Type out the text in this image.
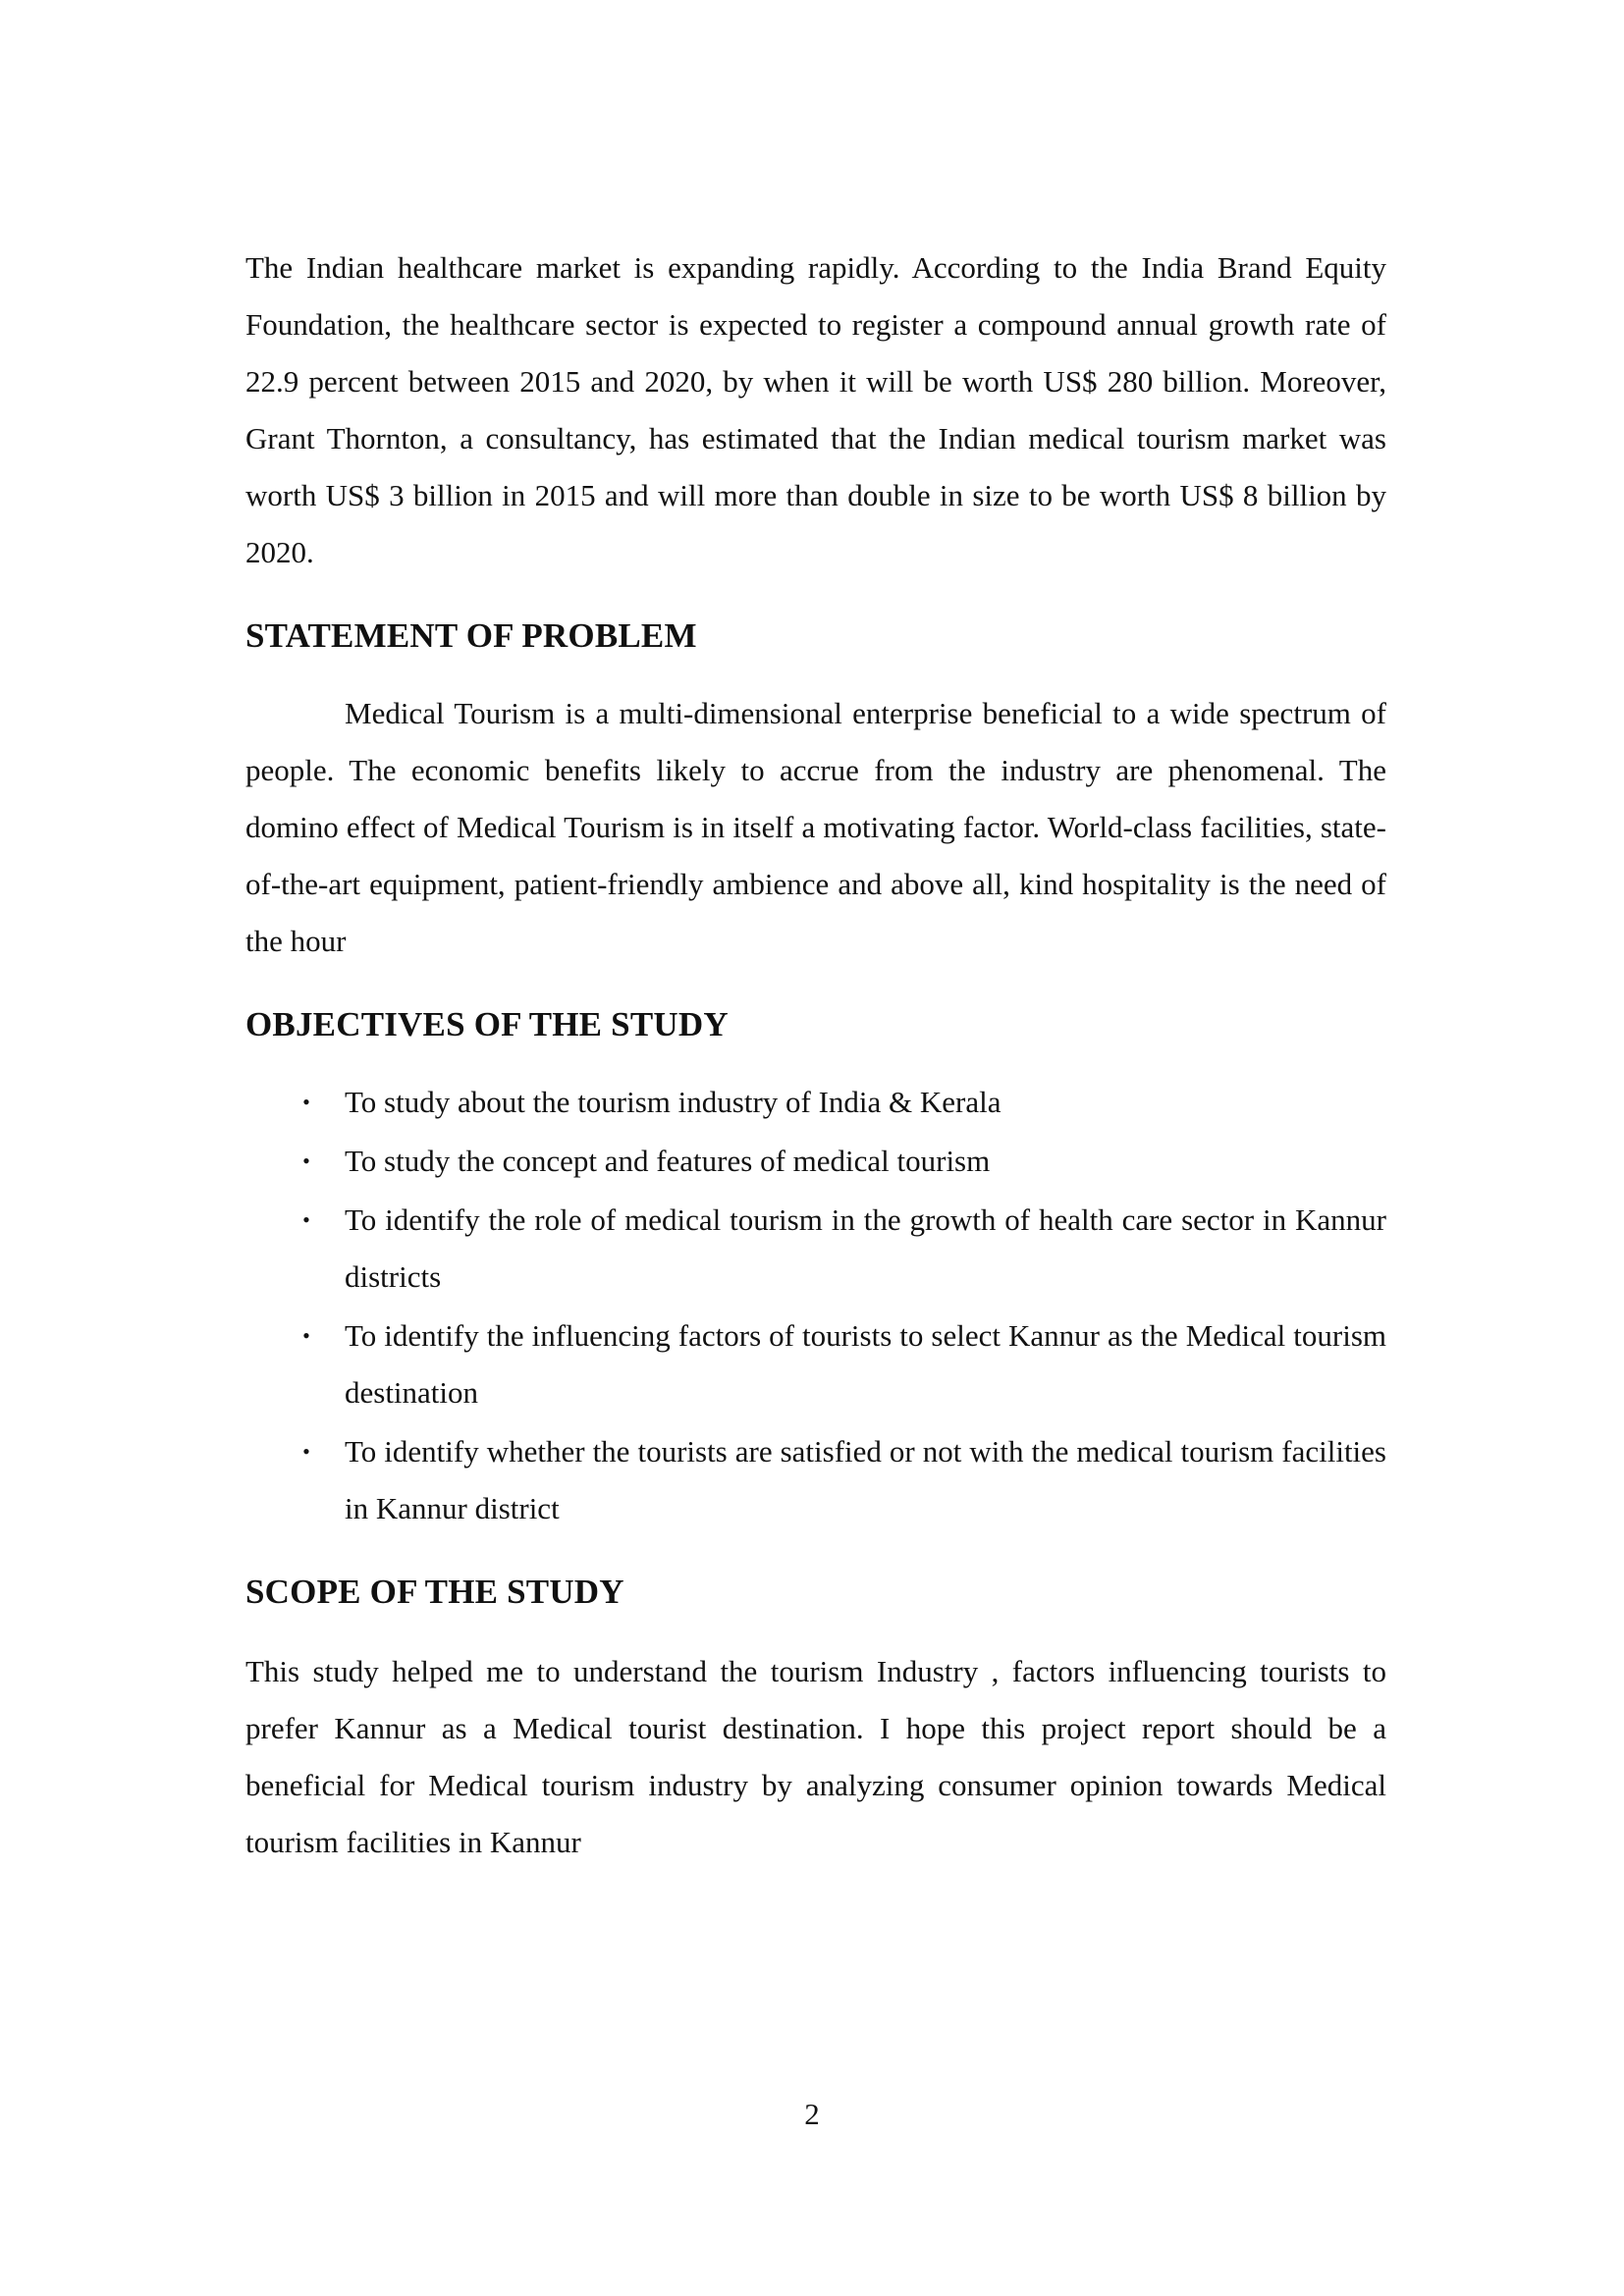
The Indian healthcare market is expanding rapidly. According to the India Brand Equity Foundation, the healthcare sector is expected to register a compound annual growth rate of 22.9 percent between 2015 and 2020, by when it will be worth US$ 280 billion. Moreover, Grant Thornton, a consultancy, has estimated that the Indian medical tourism market was worth US$ 3 billion in 2015 and will more than double in size to be worth US$ 8 billion by 2020.

STATEMENT OF PROBLEM

Medical Tourism is a multi-dimensional enterprise beneficial to a wide spectrum of people. The economic benefits likely to accrue from the industry are phenomenal. The domino effect of Medical Tourism is in itself a motivating factor. World-class facilities, state-of-the-art equipment, patient-friendly ambience and above all, kind hospitality is the need of the hour

OBJECTIVES OF THE STUDY
• To study about the tourism industry of India & Kerala
• To study the concept and features of medical tourism
• To identify the role of medical tourism in the growth of health care sector in Kannur districts
• To identify the influencing factors of tourists to select Kannur as the Medical tourism destination
• To identify whether the tourists are satisfied or not with the medical tourism facilities in Kannur district
SCOPE OF THE STUDY

This study helped me to understand the tourism Industry , factors influencing tourists to prefer Kannur as a Medical tourist destination. I hope this project report should be a beneficial for Medical tourism industry by analyzing consumer opinion towards Medical tourism facilities in Kannur

2
